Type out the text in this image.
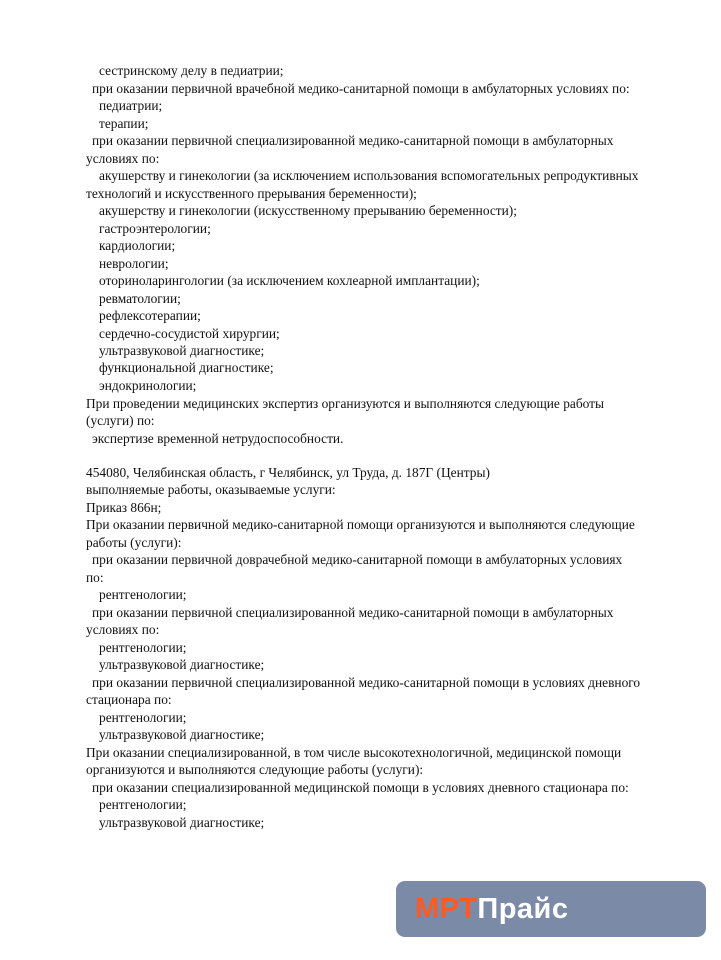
сестринскому делу в педиатрии;
при оказании первичной врачебной медико-санитарной помощи в амбулаторных условиях по:
педиатрии;
терапии;
при оказании первичной специализированной медико-санитарной помощи в амбулаторных
условиях по:
акушерству и гинекологии (за исключением использования вспомогательных репродуктивных
технологий и искусственного прерывания беременности);
акушерству и гинекологии (искусственному прерыванию беременности);
гастроэнтерологии;
кардиологии;
неврологии;
оториноларингологии (за исключением кохлеарной имплантации);
ревматологии;
рефлексотерапии;
сердечно-сосудистой хирургии;
ультразвуковой диагностике;
функциональной диагностике;
эндокринологии;
При проведении медицинских экспертиз организуются и выполняются следующие работы
(услуги) по:
экспертизе временной нетрудоспособности.
454080, Челябинская область, г Челябинск, ул Труда, д. 187Г (Центры)
выполняемые работы, оказываемые услуги:
Приказ 866н;
При оказании первичной медико-санитарной помощи организуются и выполняются следующие
работы (услуги):
при оказании первичной доврачебной медико-санитарной помощи в амбулаторных условиях
по:
рентгенологии;
при оказании первичной специализированной медико-санитарной помощи в амбулаторных
условиях по:
рентгенологии;
ультразвуковой диагностике;
при оказании первичной специализированной медико-санитарной помощи в условиях дневного
стационара по:
рентгенологии;
ультразвуковой диагностике;
При оказании специализированной, в том числе высокотехнологичной, медицинской помощи
организуются и выполняются следующие работы (услуги):
при оказании специализированной медицинской помощи в условиях дневного стационара по:
рентгенологии;
ультразвуковой диагностике;
МРТПрайс
